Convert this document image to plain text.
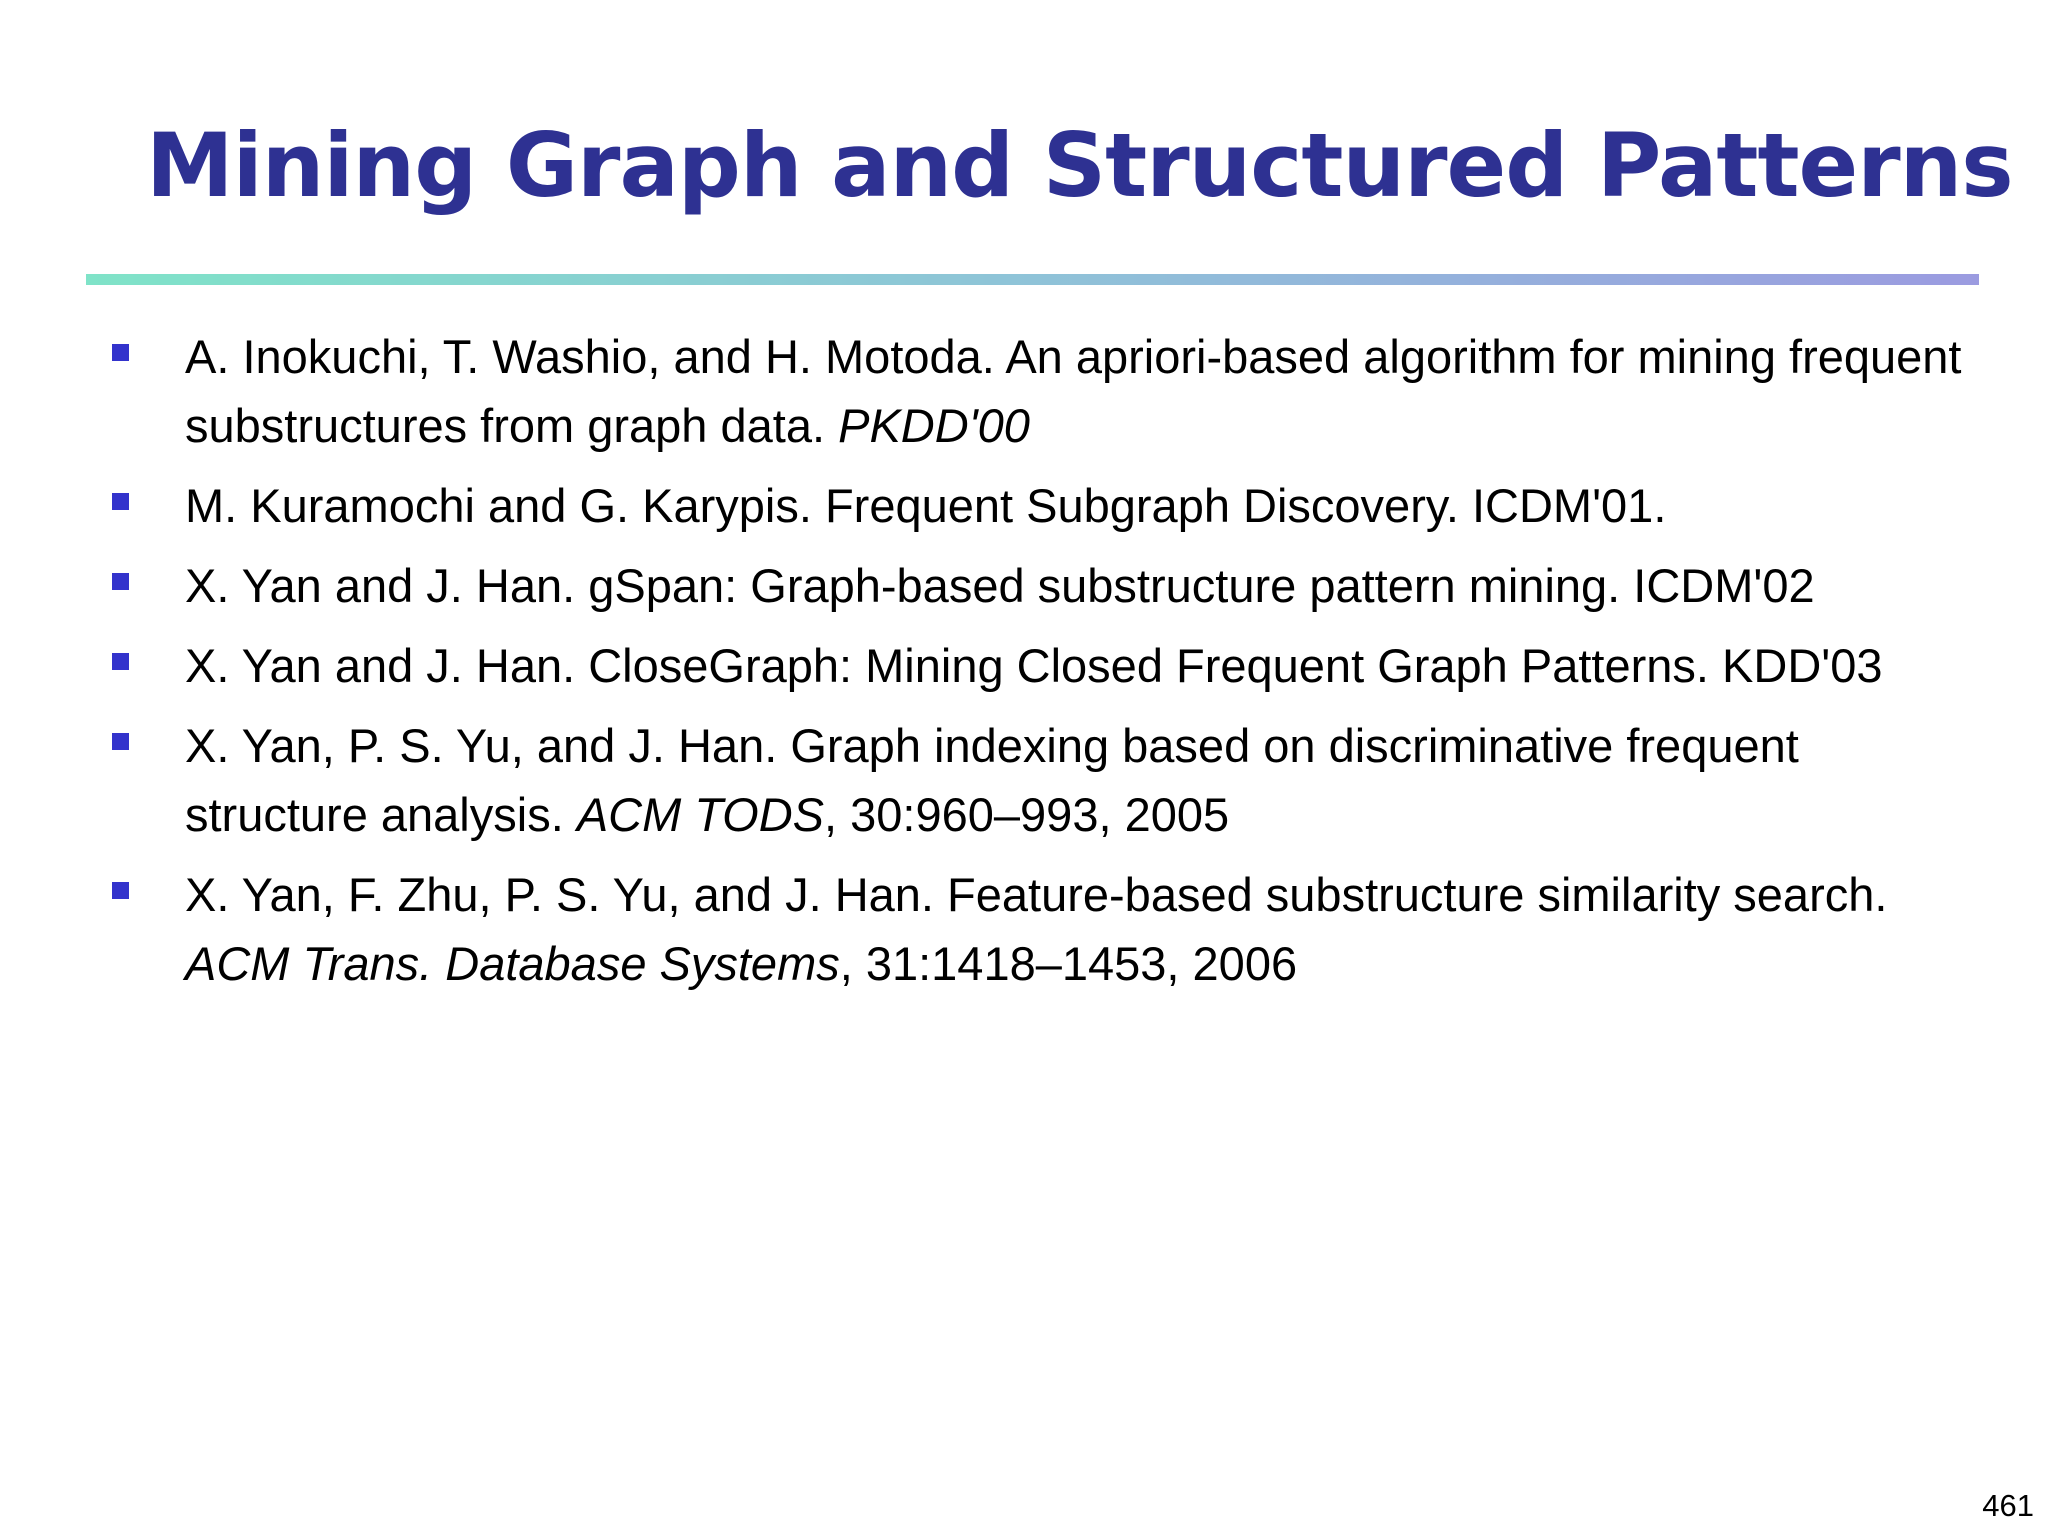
Mining Graph and Structured Patterns
A. Inokuchi, T. Washio, and H. Motoda. An apriori-based algorithm for mining frequent substructures from graph data. PKDD'00
M. Kuramochi and G. Karypis. Frequent Subgraph Discovery. ICDM'01.
X. Yan and J. Han. gSpan: Graph-based substructure pattern mining. ICDM'02
X. Yan and J. Han. CloseGraph: Mining Closed Frequent Graph Patterns. KDD'03
X. Yan, P. S. Yu, and J. Han. Graph indexing based on discriminative frequent structure analysis. ACM TODS, 30:960–993, 2005
X. Yan, F. Zhu, P. S. Yu, and J. Han. Feature-based substructure similarity search. ACM Trans. Database Systems, 31:1418–1453, 2006
461
